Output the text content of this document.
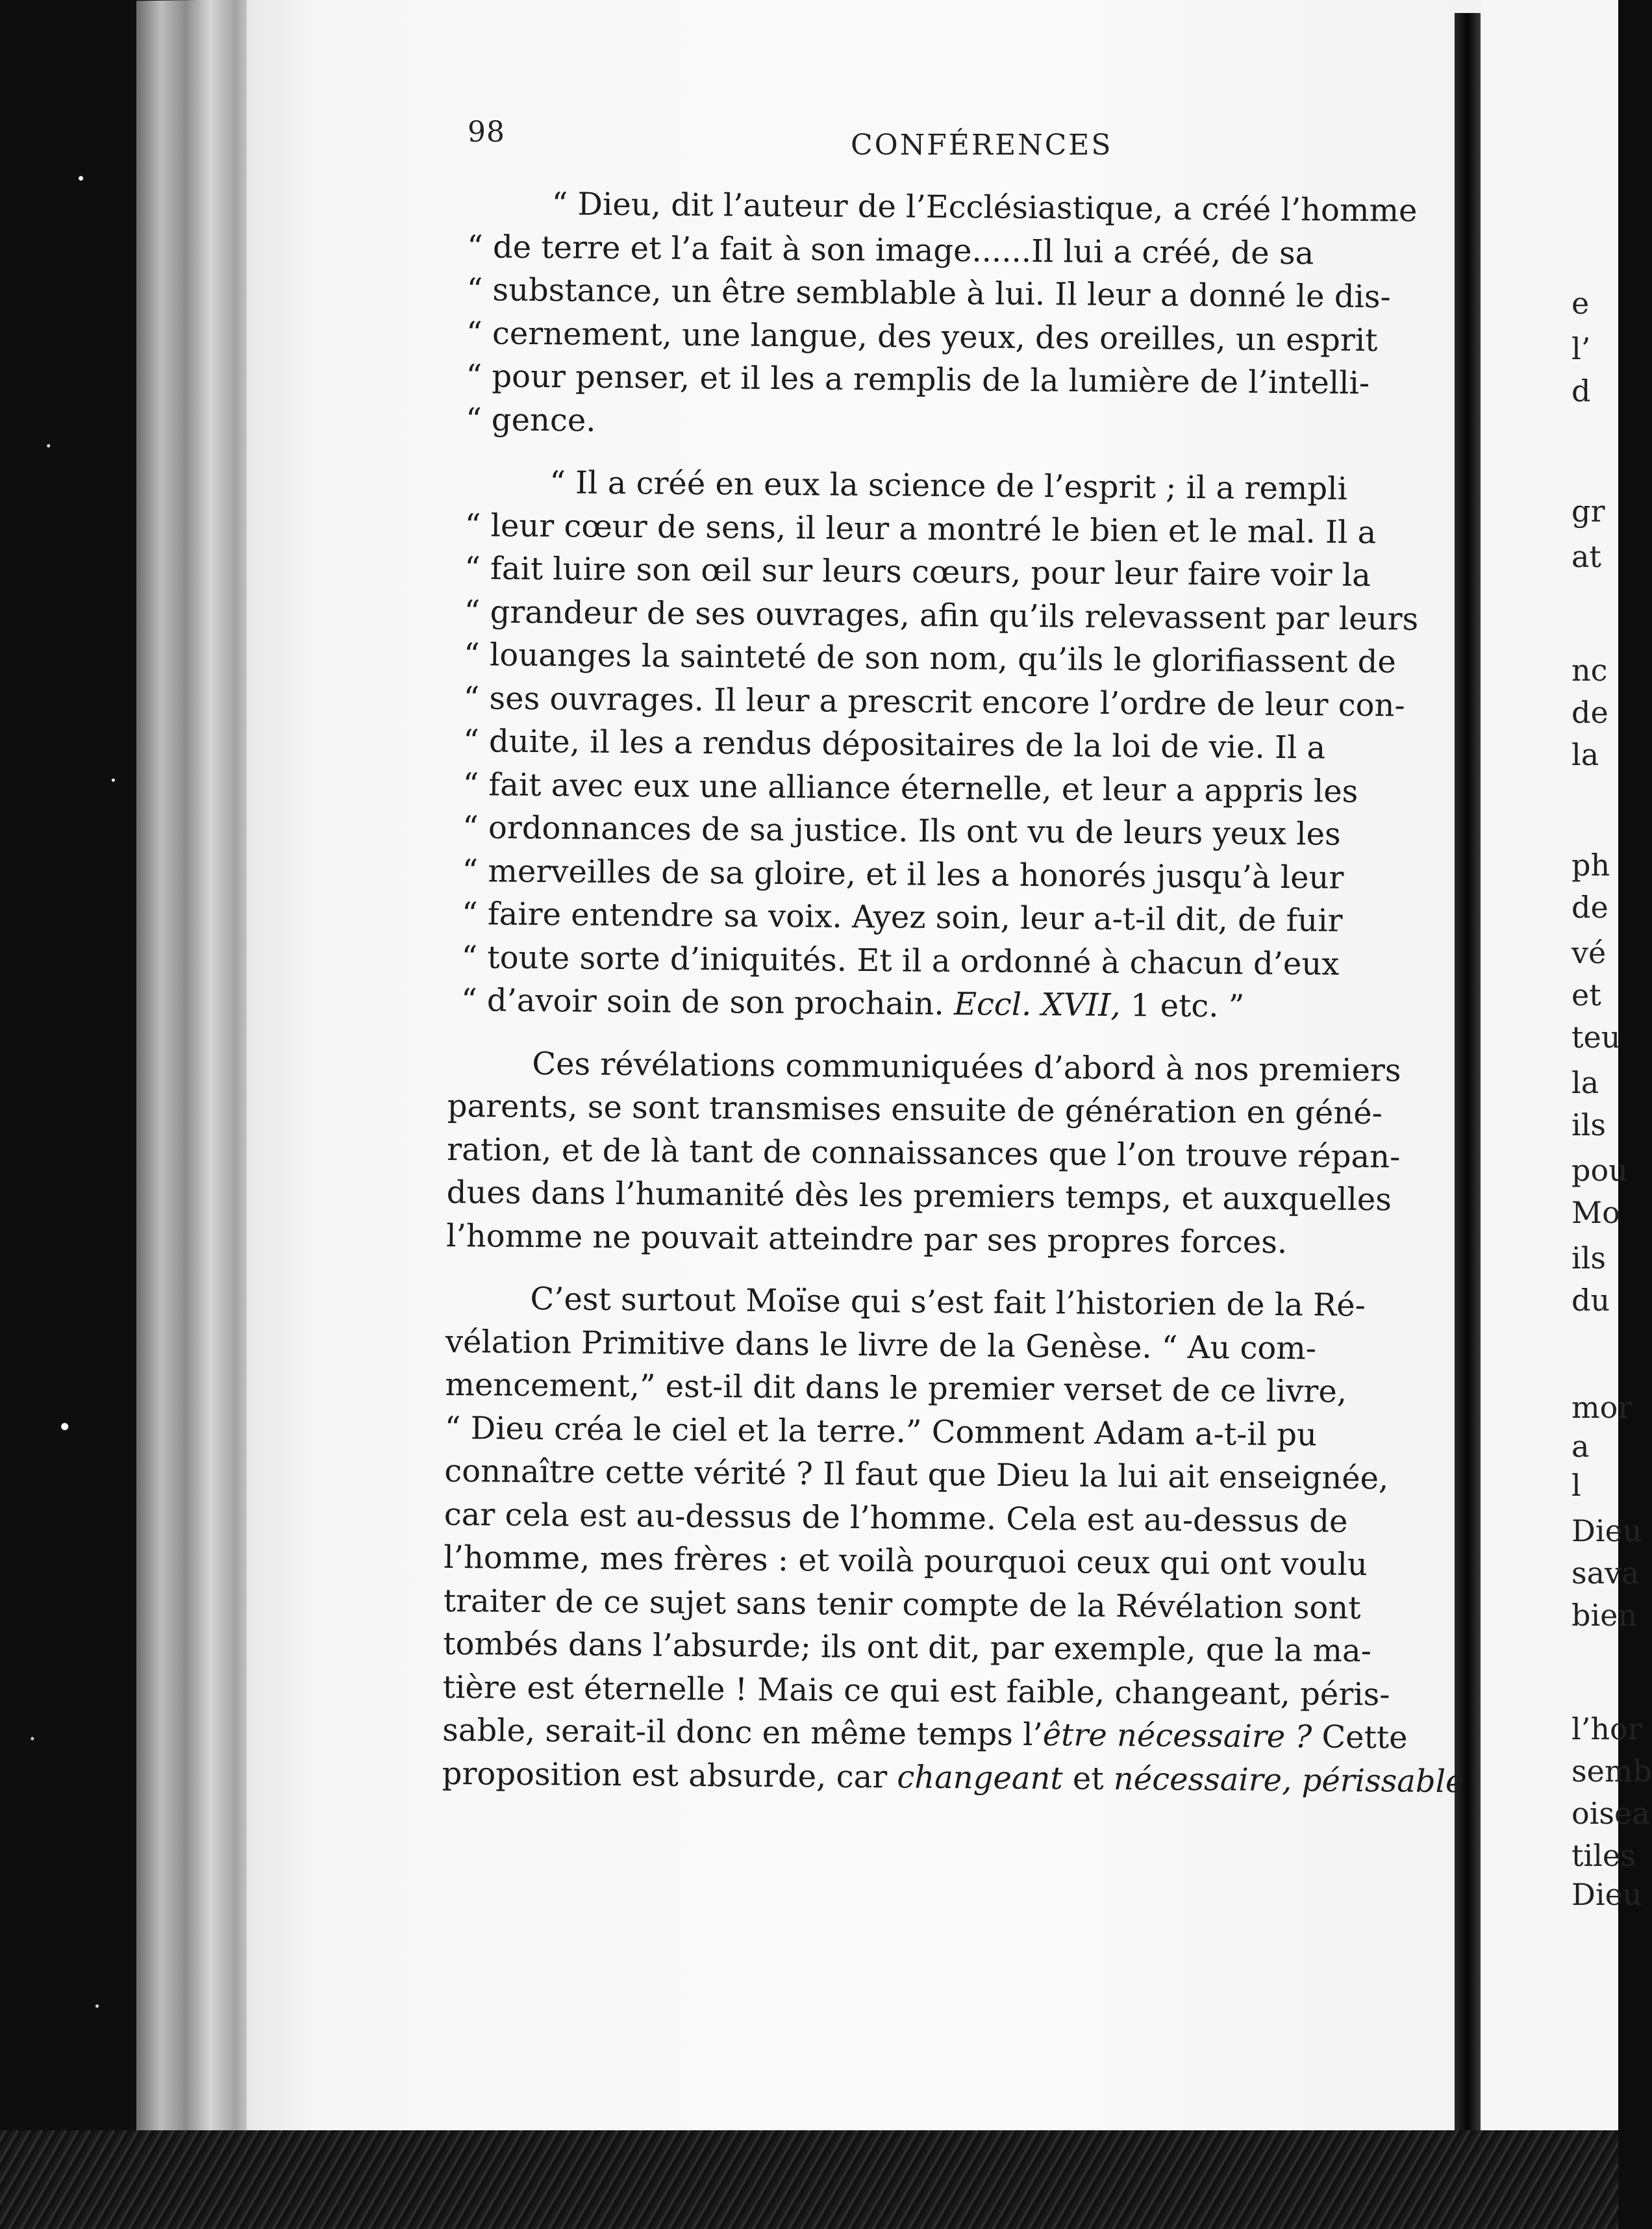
98	CONFÉRENCES
“ Dieu, dit l’auteur de l’Ecclésiastique, a créé l’homme
“ de terre et l’a fait à son image......Il lui a créé, de sa
“ substance, un être semblable à lui. Il leur a donné le dis-
“ cernement, une langue, des yeux, des oreilles, un esprit
“ pour penser, et il les a remplis de la lumière de l’intelli-
“ gence.
“ Il a créé en eux la science de l’esprit ; il a rempli
“ leur cœur de sens, il leur a montré le bien et le mal. Il a
“ fait luire son œil sur leurs cœurs, pour leur faire voir la
“ grandeur de ses ouvrages, afin qu’ils relevassent par leurs
“ louanges la sainteté de son nom, qu’ils le glorifiassent de
“ ses ouvrages. Il leur a prescrit encore l’ordre de leur con-
“ duite, il les a rendus dépositaires de la loi de vie. Il a
“ fait avec eux une alliance éternelle, et leur a appris les
“ ordonnances de sa justice. Ils ont vu de leurs yeux les
“ merveilles de sa gloire, et il les a honorés jusqu’à leur
“ faire entendre sa voix. Ayez soin, leur a-t-il dit, de fuir
“ toute sorte d’iniquités. Et il a ordonné à chacun d’eux
“ d’avoir soin de son prochain. Eccl. XVII, 1 etc. ”
Ces révélations communiquées d’abord à nos premiers
parents, se sont transmises ensuite de génération en géné-
ration, et de là tant de connaissances que l’on trouve répan-
dues dans l’humanité dès les premiers temps, et auxquelles
l’homme ne pouvait atteindre par ses propres forces.
C’est surtout Moïse qui s’est fait l’historien de la Ré-
vélation Primitive dans le livre de la Genèse. “ Au com-
mencement,” est-il dit dans le premier verset de ce livre,
“ Dieu créa le ciel et la terre.” Comment Adam a-t-il pu
connaître cette vérité ? Il faut que Dieu la lui ait enseignée,
car cela est au-dessus de l’homme. Cela est au-dessus de
l’homme, mes frères : et voilà pourquoi ceux qui ont voulu
traiter de ce sujet sans tenir compte de la Révélation sont
tombés dans l’absurde; ils ont dit, par exemple, que la ma-
tière est éternelle ! Mais ce qui est faible, changeant, péris-
sable, serait-il donc en même temps l’être nécessaire ? Cette
proposition est absurde, car changeant et nécessaire, périssable
e
l’
d
gr
at
nc
de
la
ph
de
vé
et
teu
la
ils
pou
Mo
ils
du
mor
a
l
Dieu
sava
bien
l’hor
semb
oisea
tiles
Dieu
